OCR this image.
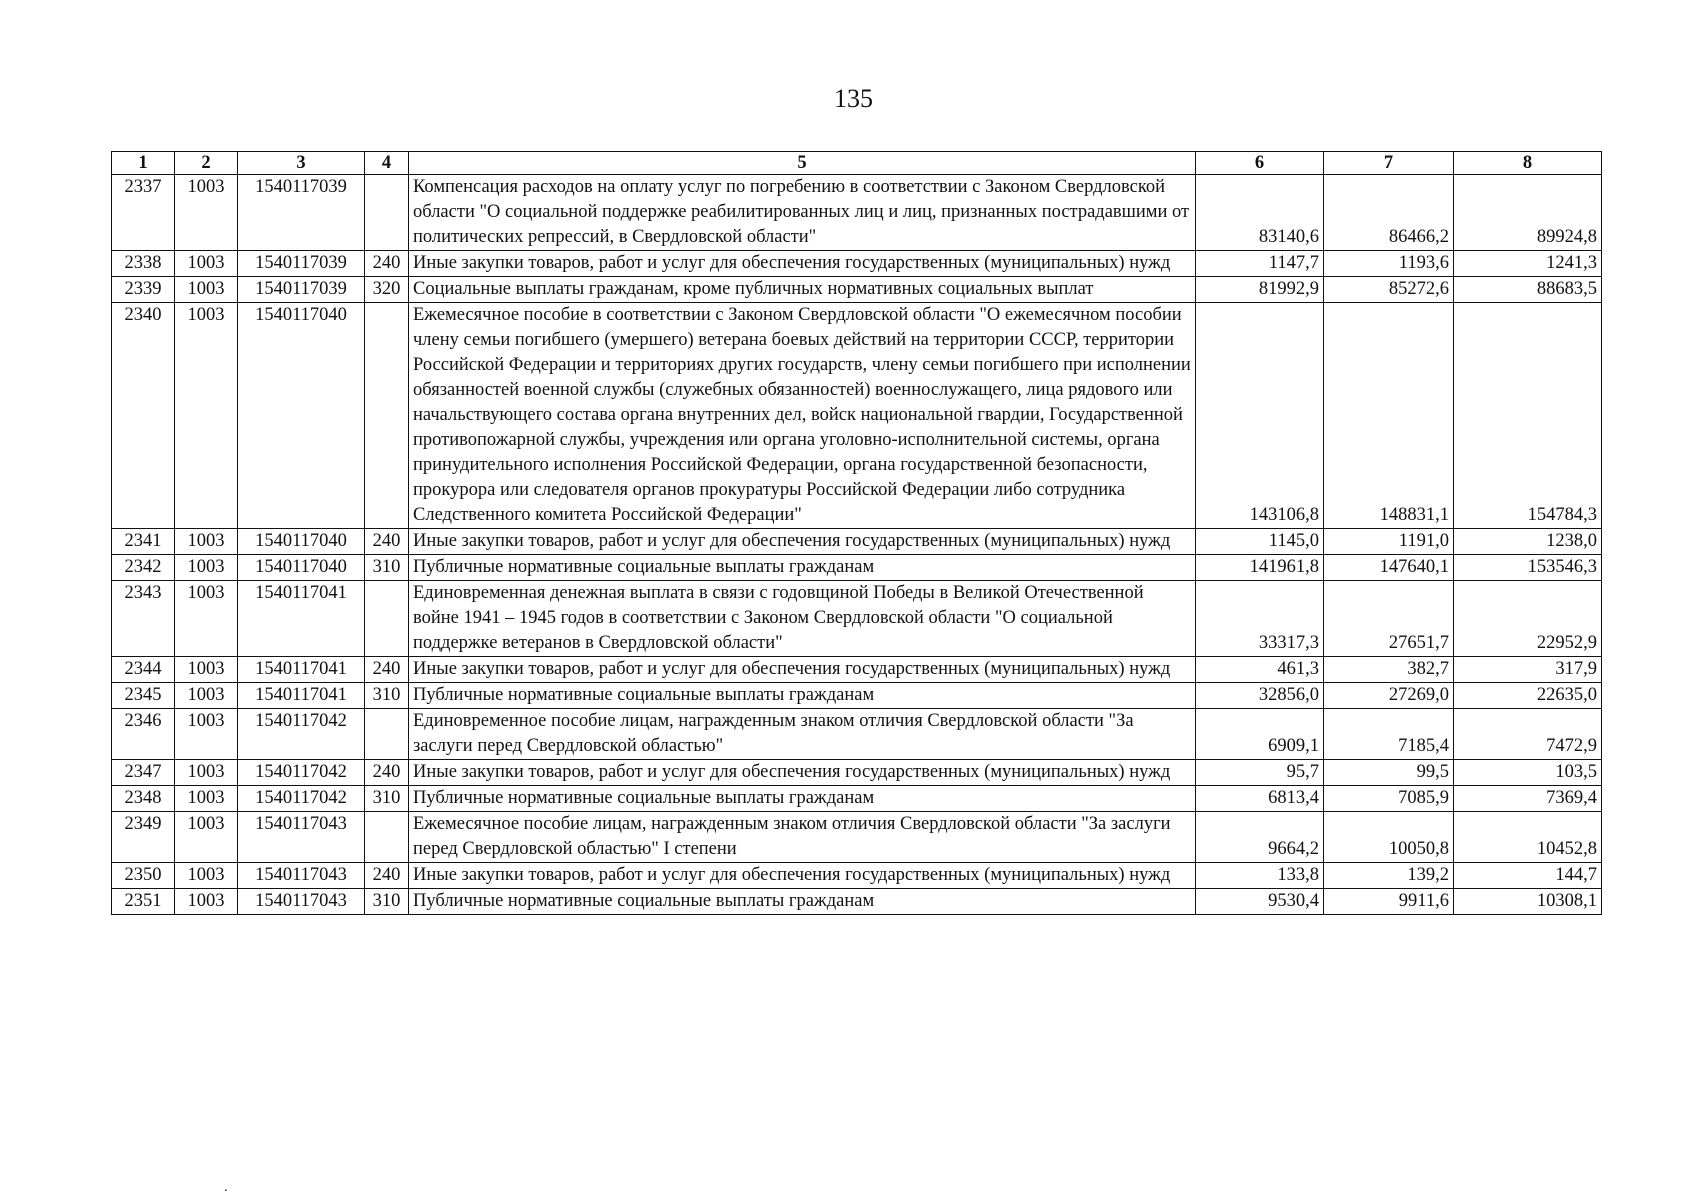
135
1	2	3	4	5	6	7	8
2337	1003	1540117039		Компенсация расходов на оплату услуг по погребению в соответствии с Законом Свердловской области "О социальной поддержке реабилитированных лиц и лиц, признанных пострадавшими от политических репрессий, в Свердловской области"	83140,6	86466,2	89924,8
2338	1003	1540117039	240	Иные закупки товаров, работ и услуг для обеспечения государственных (муниципальных) нужд	1147,7	1193,6	1241,3
2339	1003	1540117039	320	Социальные выплаты гражданам, кроме публичных нормативных социальных выплат	81992,9	85272,6	88683,5
2340	1003	1540117040		Ежемесячное пособие в соответствии с Законом Свердловской области "О ежемесячном пособии члену семьи погибшего (умершего) ветерана боевых действий на территории СССР, территории Российской Федерации и территориях других государств, члену семьи погибшего при исполнении обязанностей военной службы (служебных обязанностей) военнослужащего, лица рядового или начальствующего состава органа внутренних дел, войск национальной гвардии, Государственной противопожарной службы, учреждения или органа уголовно-исполнительной системы, органа принудительного исполнения Российской Федерации, органа государственной безопасности, прокурора или следователя органов прокуратуры Российской Федерации либо сотрудника Следственного комитета Российской Федерации"	143106,8	148831,1	154784,3
2341	1003	1540117040	240	Иные закупки товаров, работ и услуг для обеспечения государственных (муниципальных) нужд	1145,0	1191,0	1238,0
2342	1003	1540117040	310	Публичные нормативные социальные выплаты гражданам	141961,8	147640,1	153546,3
2343	1003	1540117041		Единовременная денежная выплата в связи с годовщиной Победы в Великой Отечественной войне 1941 – 1945 годов в соответствии с Законом Свердловской области "О социальной поддержке ветеранов в Свердловской области"	33317,3	27651,7	22952,9
2344	1003	1540117041	240	Иные закупки товаров, работ и услуг для обеспечения государственных (муниципальных) нужд	461,3	382,7	317,9
2345	1003	1540117041	310	Публичные нормативные социальные выплаты гражданам	32856,0	27269,0	22635,0
2346	1003	1540117042		Единовременное пособие лицам, награжденным знаком отличия Свердловской области "За заслуги перед Свердловской областью"	6909,1	7185,4	7472,9
2347	1003	1540117042	240	Иные закупки товаров, работ и услуг для обеспечения государственных (муниципальных) нужд	95,7	99,5	103,5
2348	1003	1540117042	310	Публичные нормативные социальные выплаты гражданам	6813,4	7085,9	7369,4
2349	1003	1540117043		Ежемесячное пособие лицам, награжденным знаком отличия Свердловской области "За заслуги перед Свердловской областью" I степени	9664,2	10050,8	10452,8
2350	1003	1540117043	240	Иные закупки товаров, работ и услуг для обеспечения государственных (муниципальных) нужд	133,8	139,2	144,7
2351	1003	1540117043	310	Публичные нормативные социальные выплаты гражданам	9530,4	9911,6	10308,1
.
